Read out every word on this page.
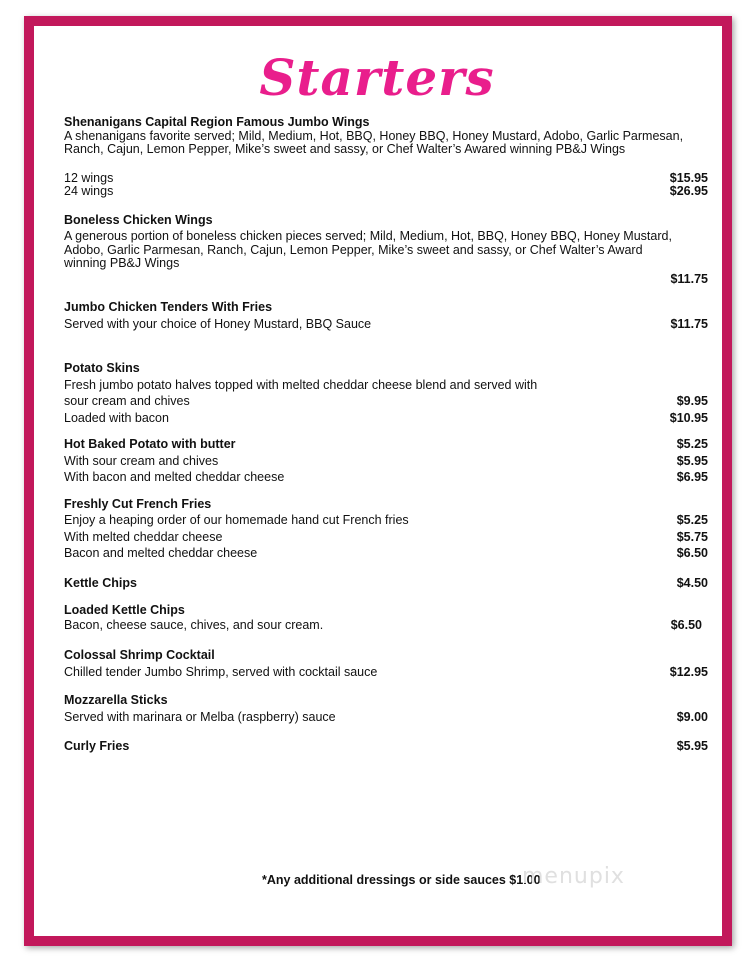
Starters
Shenanigans Capital Region Famous Jumbo Wings
A shenanigans favorite served; Mild, Medium, Hot, BBQ, Honey BBQ, Honey Mustard, Adobo, Garlic Parmesan, Ranch, Cajun, Lemon Pepper, Mike’s sweet and sassy, or Chef Walter’s Awared winning PB&J Wings
12 wings	$15.95
24 wings	$26.95
Boneless Chicken Wings
A generous portion of boneless chicken pieces served; Mild, Medium, Hot, BBQ, Honey BBQ, Honey Mustard, Adobo, Garlic Parmesan, Ranch, Cajun, Lemon Pepper, Mike’s sweet and sassy, or Chef Walter’s Award winning PB&J Wings
$11.75
Jumbo Chicken Tenders With Fries
Served with your choice of Honey Mustard, BBQ Sauce	$11.75
Potato Skins
Fresh jumbo potato halves topped with melted cheddar cheese blend and served with
sour cream and chives	$9.95
Loaded with bacon	$10.95
Hot Baked Potato with butter	$5.25
With sour cream and chives	$5.95
With bacon and melted cheddar cheese	$6.95
Freshly Cut French Fries
Enjoy a heaping order of our homemade hand cut French fries	$5.25
With melted cheddar cheese	$5.75
Bacon and melted cheddar cheese	$6.50
Kettle Chips	$4.50
Loaded Kettle Chips
Bacon, cheese sauce, chives, and sour cream.	$6.50
Colossal Shrimp Cocktail
Chilled tender Jumbo Shrimp, served with cocktail sauce	$12.95
Mozzarella Sticks
Served with marinara or Melba (raspberry) sauce	$9.00
Curly Fries	$5.95
*Any additional dressings or side sauces $1.00
menupix
